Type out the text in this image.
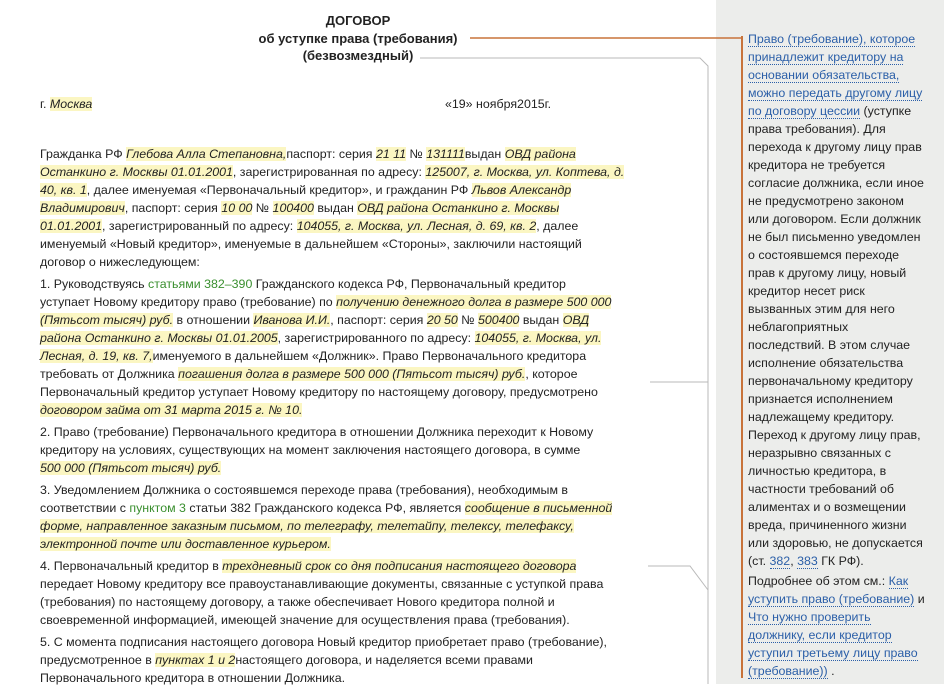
ДОГОВОР
об уступке права (требования)
(безвозмездный)
г. Москва	«19» ноября2015г.
Гражданка РФ Глебова Алла Степановна,паспорт: серия 21 11 № 131111выдан ОВД района
Останкино г. Москвы 01.01.2001, зарегистрированная по адресу: 125007, г. Москва, ул. Коптева, д.
40, кв. 1, далее именуемая «Первоначальный кредитор», и гражданин РФ Львов Александр
Владимирович, паспорт: серия 10 00 № 100400 выдан ОВД района Останкино г. Москвы
01.01.2001, зарегистрированный по адресу: 104055, г. Москва, ул. Лесная, д. 69, кв. 2, далее
именуемый «Новый кредитор», именуемые в дальнейшем «Стороны», заключили настоящий
договор о нижеследующем:
1. Руководствуясь статьями 382–390 Гражданского кодекса РФ, Первоначальный кредитор
уступает Новому кредитору право (требование) по получению денежного долга в размере 500 000
(Пятьсот тысяч) руб. в отношении Иванова И.И., паспорт: серия 20 50 № 500400 выдан ОВД
района Останкино г. Москвы 01.01.2005, зарегистрированного по адресу: 104055, г. Москва, ул.
Лесная, д. 19, кв. 7,именуемого в дальнейшем «Должник». Право Первоначального кредитора
требовать от Должника погашения долга в размере 500 000 (Пятьсот тысяч) руб., которое
Первоначальный кредитор уступает Новому кредитору по настоящему договору, предусмотрено
договором займа от 31 марта 2015 г. № 10.
2. Право (требование) Первоначального кредитора в отношении Должника переходит к Новому
кредитору на условиях, существующих на момент заключения настоящего договора, в сумме
500 000 (Пятьсот тысяч) руб.
3. Уведомлением Должника о состоявшемся переходе права (требования), необходимым в
соответствии с пунктом 3 статьи 382 Гражданского кодекса РФ, является сообщение в письменной
форме, направленное заказным письмом, по телеграфу, телетайпу, телексу, телефаксу,
электронной почте или доставленное курьером.
4. Первоначальный кредитор в трехдневный срок со дня подписания настоящего договора
передает Новому кредитору все правоустанавливающие документы, связанные с уступкой права
(требования) по настоящему договору, а также обеспечивает Нового кредитора полной и
своевременной информацией, имеющей значение для осуществления права (требования).
5. С момента подписания настоящего договора Новый кредитор приобретает право (требование),
предусмотренное в пунктах 1 и 2настоящего договора, и наделяется всеми правами
Первоначального кредитора в отношении Должника.
Право (требование), которое
принадлежит кредитору на
основании обязательства,
можно передать другому лицу
по договору цессии (уступке
права требования). Для
перехода к другому лицу прав
кредитора не требуется
согласие должника, если иное
не предусмотрено законом
или договором. Если должник
не был письменно уведомлен
о состоявшемся переходе
прав к другому лицу, новый
кредитор несет риск
вызванных этим для него
неблагоприятных
последствий. В этом случае
исполнение обязательства
первоначальному кредитору
признается исполнением
надлежащему кредитору.
Переход к другому лицу прав,
неразрывно связанных с
личностью кредитора, в
частности требований об
алиментах и о возмещении
вреда, причиненного жизни
или здоровью, не допускается
(ст. 382, 383 ГК РФ).
Подробнее об этом см.: Как
уступить право (требование) и
Что нужно проверить
должнику, если кредитор
уступил третьему лицу право
(требование)) .
